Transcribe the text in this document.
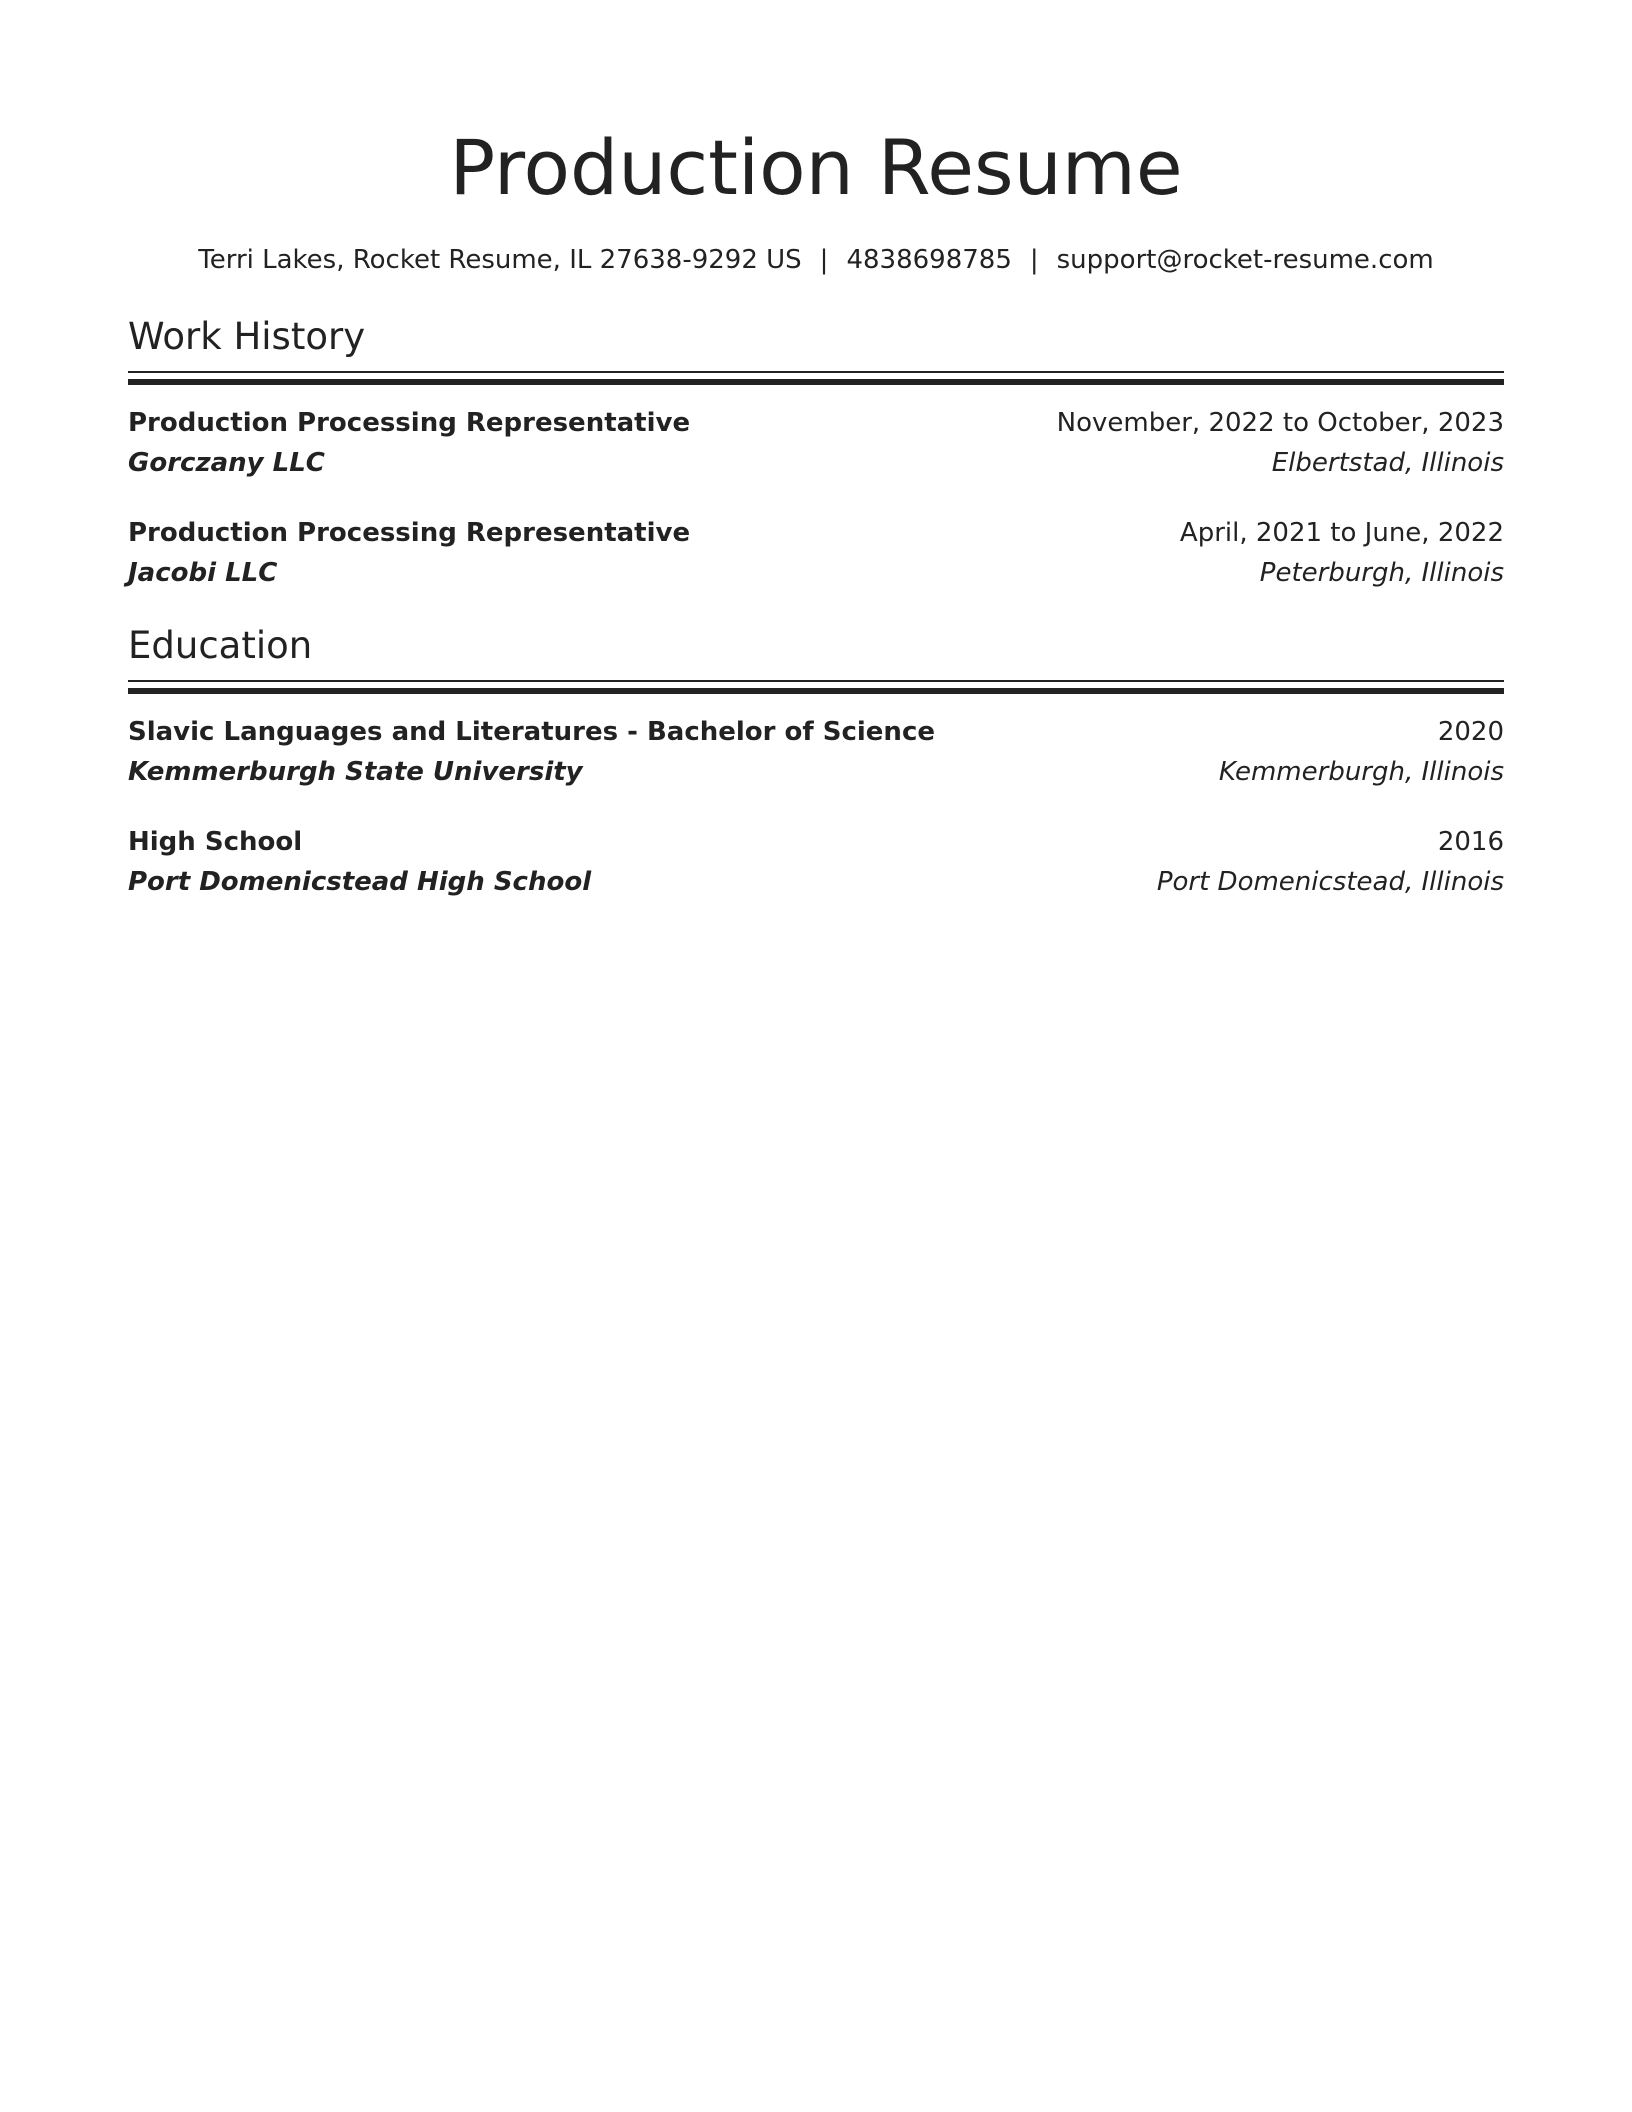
Production Resume
Terri Lakes, Rocket Resume, IL 27638-9292 US | 4838698785 | support@rocket-resume.com
Work History
Production Processing Representative	November, 2022 to October, 2023
Gorczany LLC	Elbertstad, Illinois
Production Processing Representative	April, 2021 to June, 2022
Jacobi LLC	Peterburgh, Illinois
Education
Slavic Languages and Literatures - Bachelor of Science	2020
Kemmerburgh State University	Kemmerburgh, Illinois
High School	2016
Port Domenicstead High School	Port Domenicstead, Illinois
